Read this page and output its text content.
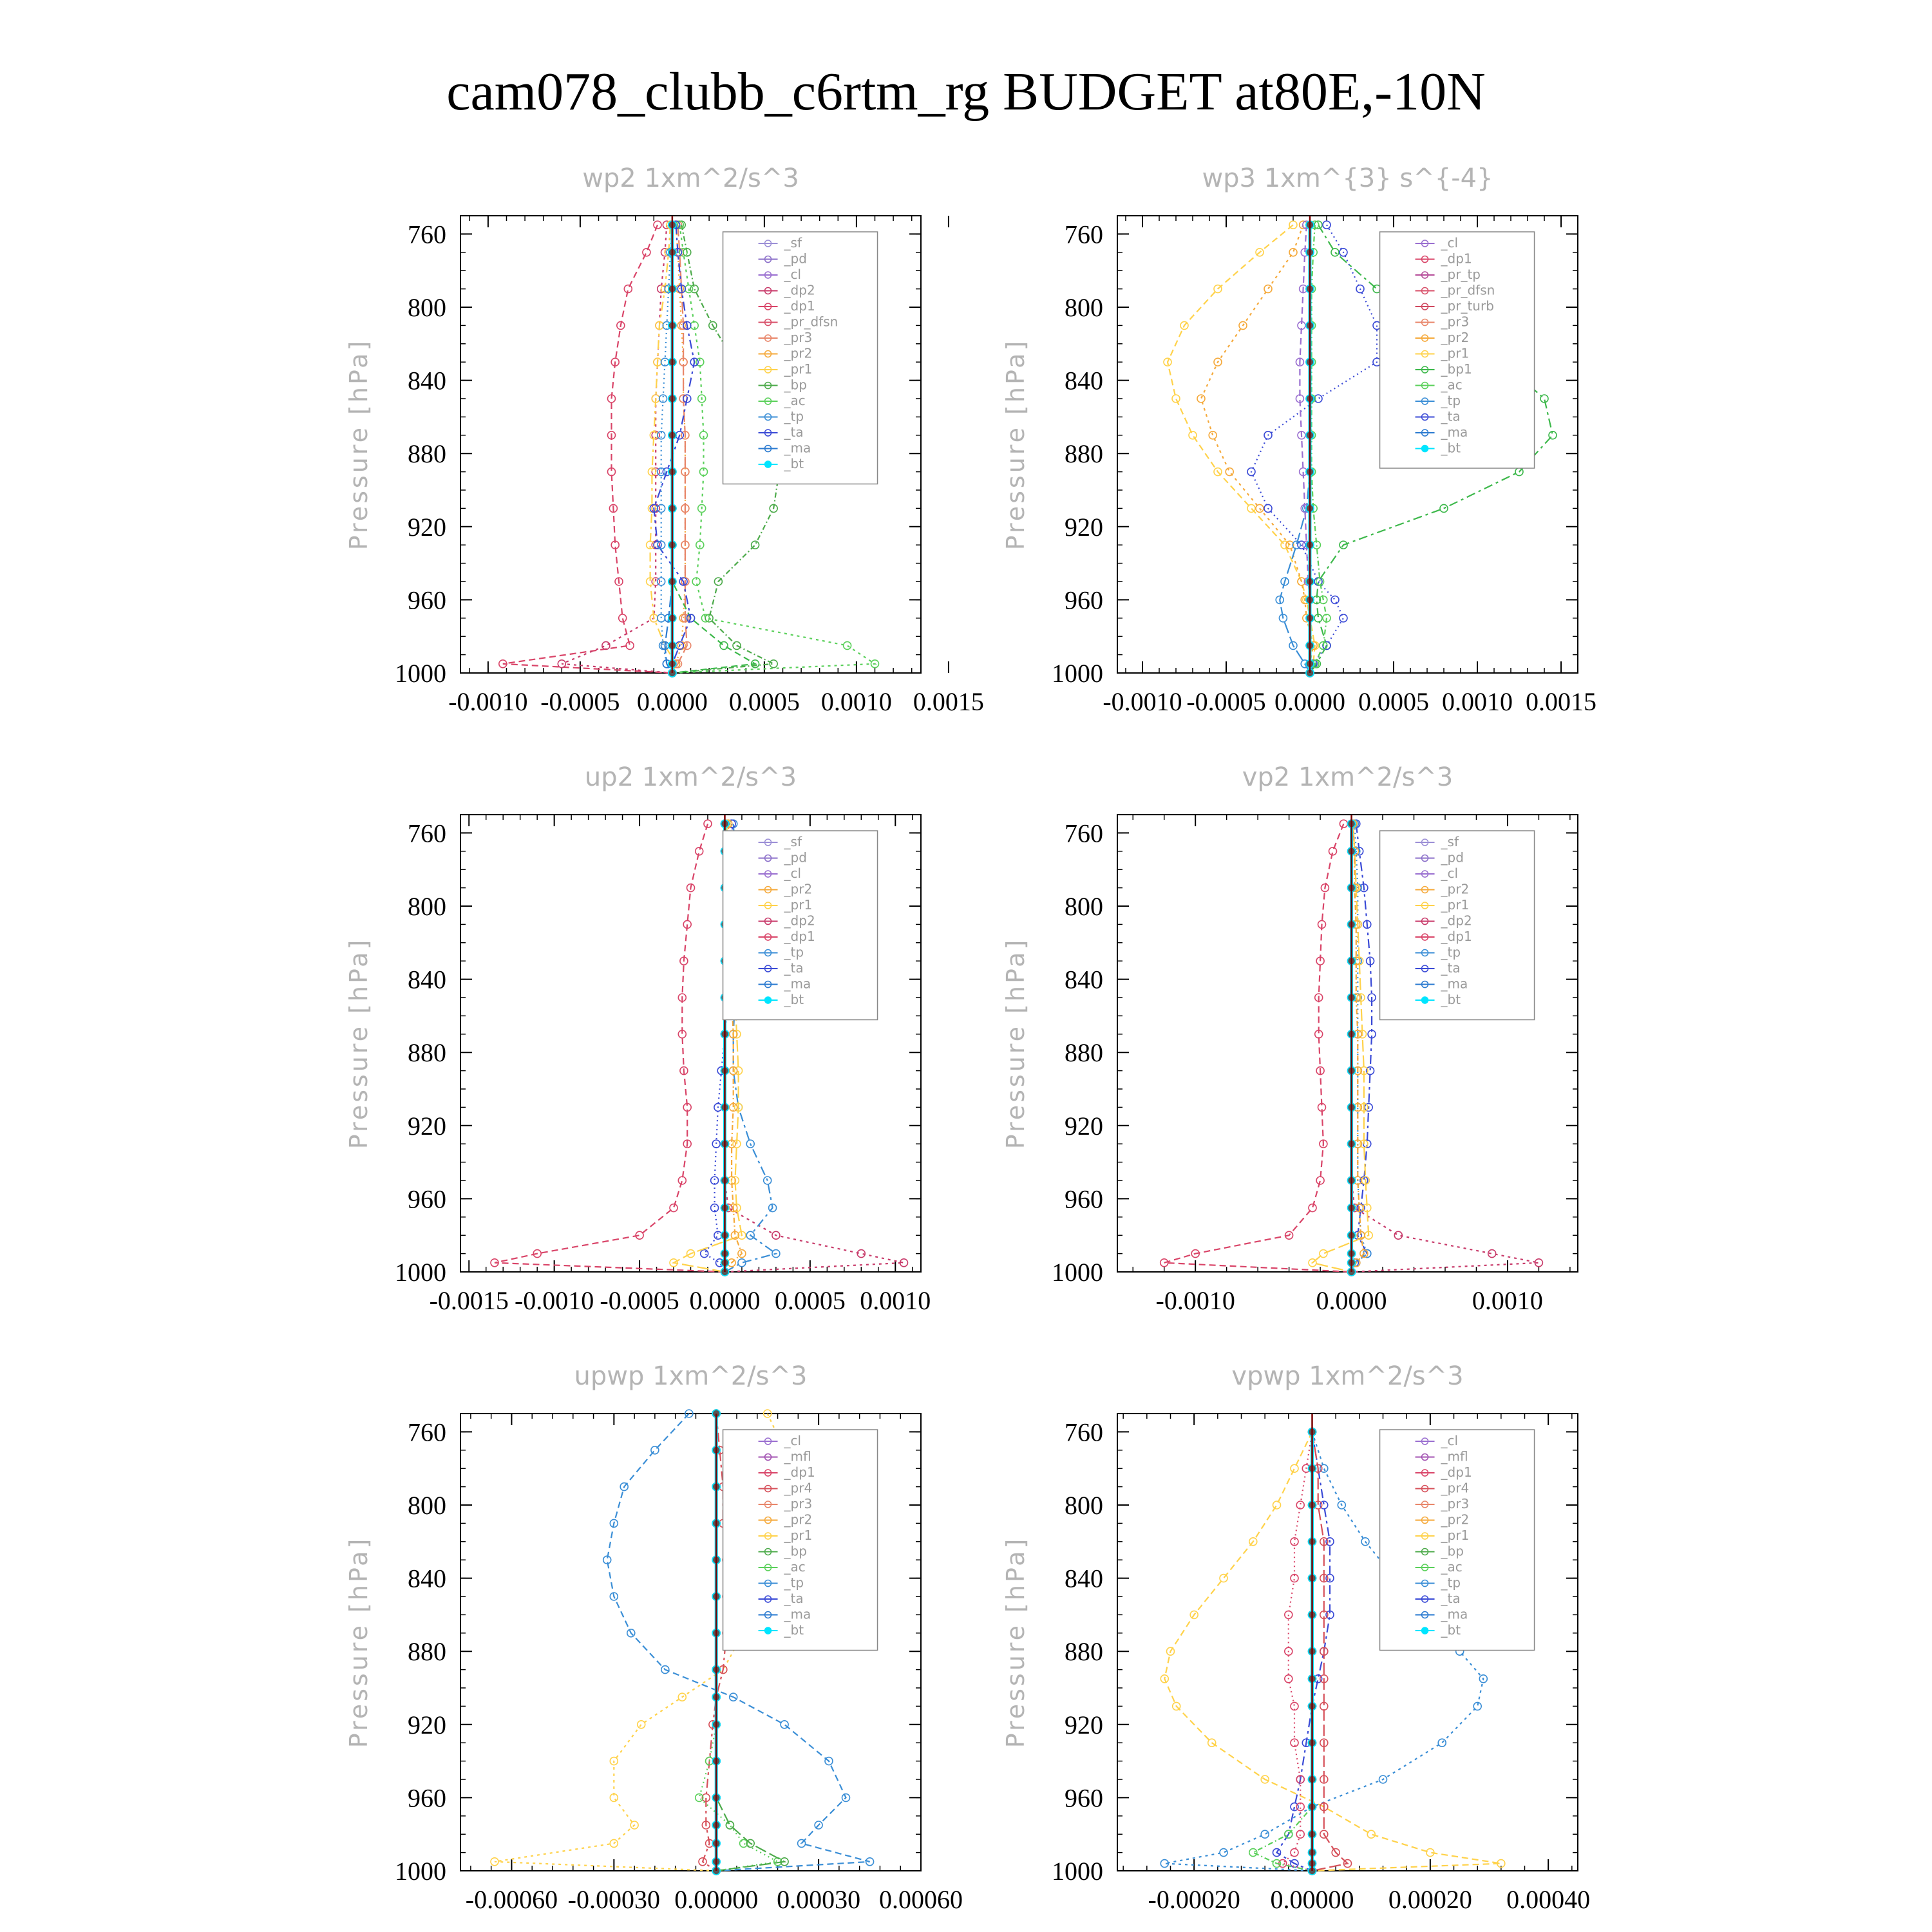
cam078_clubb_c6rtm_rg BUDGET at80E,-10N
wp2 1xm^2/s^3
Pressure [hPa]
760
800
840
880
920
960
1000
-0.0010 -0.0005 0.0000 0.0005 0.0010 0.0015
_sf
_pd
_cl
_dp2
_dp1
_pr_dfsn
_pr3
_pr2
_pr1
_bp
_ac
_tp
_ta
_ma
_bt
wp3 1xm^{3} s^{-4}
Pressure [hPa]
760
800
840
880
920
960
1000
-0.0010 -0.0005 0.0000 0.0005 0.0010 0.0015
_cl
_dp1
_pr_tp
_pr_dfsn
_pr_turb
_pr3
_pr2
_pr1
_bp1
_ac
_tp
_ta
_ma
_bt
up2 1xm^2/s^3
Pressure [hPa]
760
800
840
880
920
960
1000
-0.0015 -0.0010 -0.0005 0.0000 0.0005 0.0010
_sf
_pd
_cl
_pr2
_pr1
_dp2
_dp1
_tp
_ta
_ma
_bt
vp2 1xm^2/s^3
Pressure [hPa]
760
800
840
880
920
960
1000
-0.0010	0.0000	0.0010
_sf
_pd
_cl
_pr2
_pr1
_dp2
_dp1
_tp
_ta
_ma
_bt
upwp 1xm^2/s^3
Pressure [hPa]
760
800
840
880
920
960
1000
-0.00060 -0.00030 0.00000 0.00030 0.00060
_cl
_mfl
_dp1
_pr4
_pr3
_pr2
_pr1
_bp
_ac
_tp
_ta
_ma
_bt
vpwp 1xm^2/s^3
Pressure [hPa]
760
800
840
880
920
960
1000
-0.00020 0.00000 0.00020 0.00040
_cl
_mfl
_dp1
_pr4
_pr3
_pr2
_pr1
_bp
_ac
_tp
_ta
_ma
_bt
